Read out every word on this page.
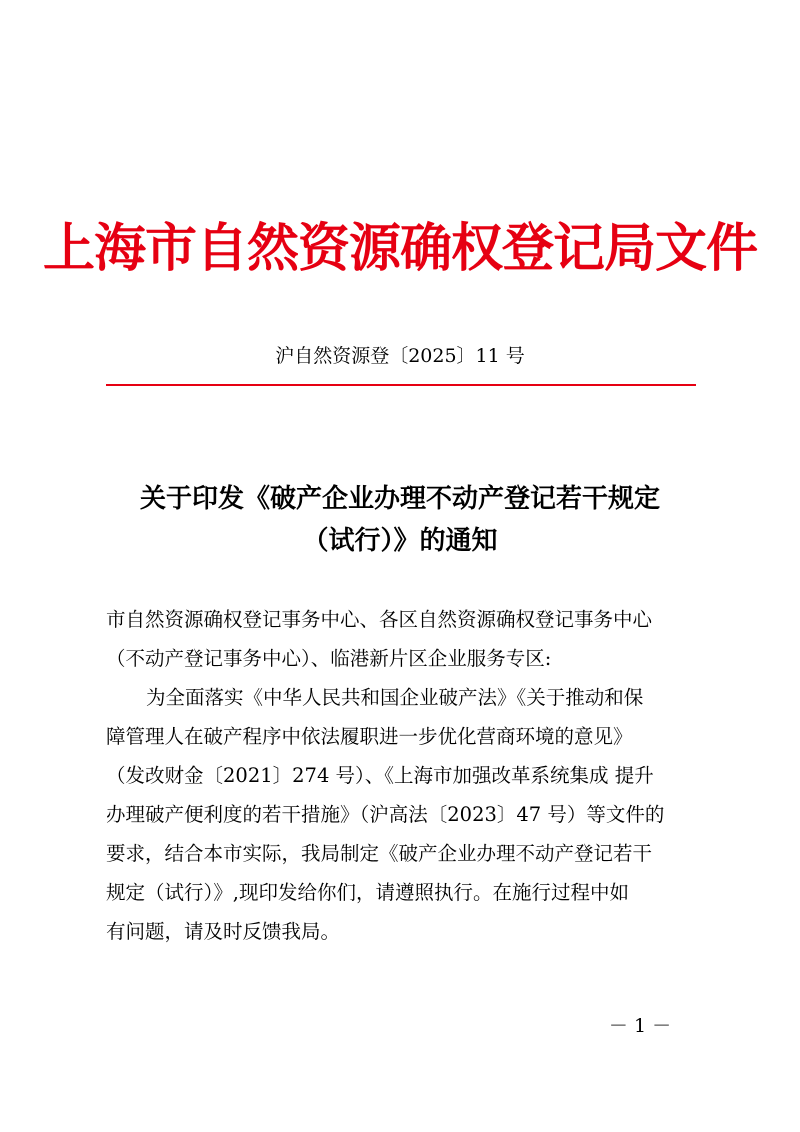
上海市自然资源确权登记局文件
沪自然资源登〔2025〕11 号
关于印发《破产企业办理不动产登记若干规定
（试行）》的通知
市自然资源确权登记事务中心、各区自然资源确权登记事务中心
（不动产登记事务中心）、临港新片区企业服务专区:
为全面落实《中华人民共和国企业破产法》《关于推动和保
障管理人在破产程序中依法履职进一步优化营商环境的意见》
（发改财金〔2021〕274 号）、《上海市加强改革系统集成 提升
办理破产便利度的若干措施》（沪高法〔2023〕47 号）等文件的
要求，结合本市实际，我局制定《破产企业办理不动产登记若干
规定（试行）》,现印发给你们，请遵照执行。在施行过程中如
有问题，请及时反馈我局。
－ 1 －
